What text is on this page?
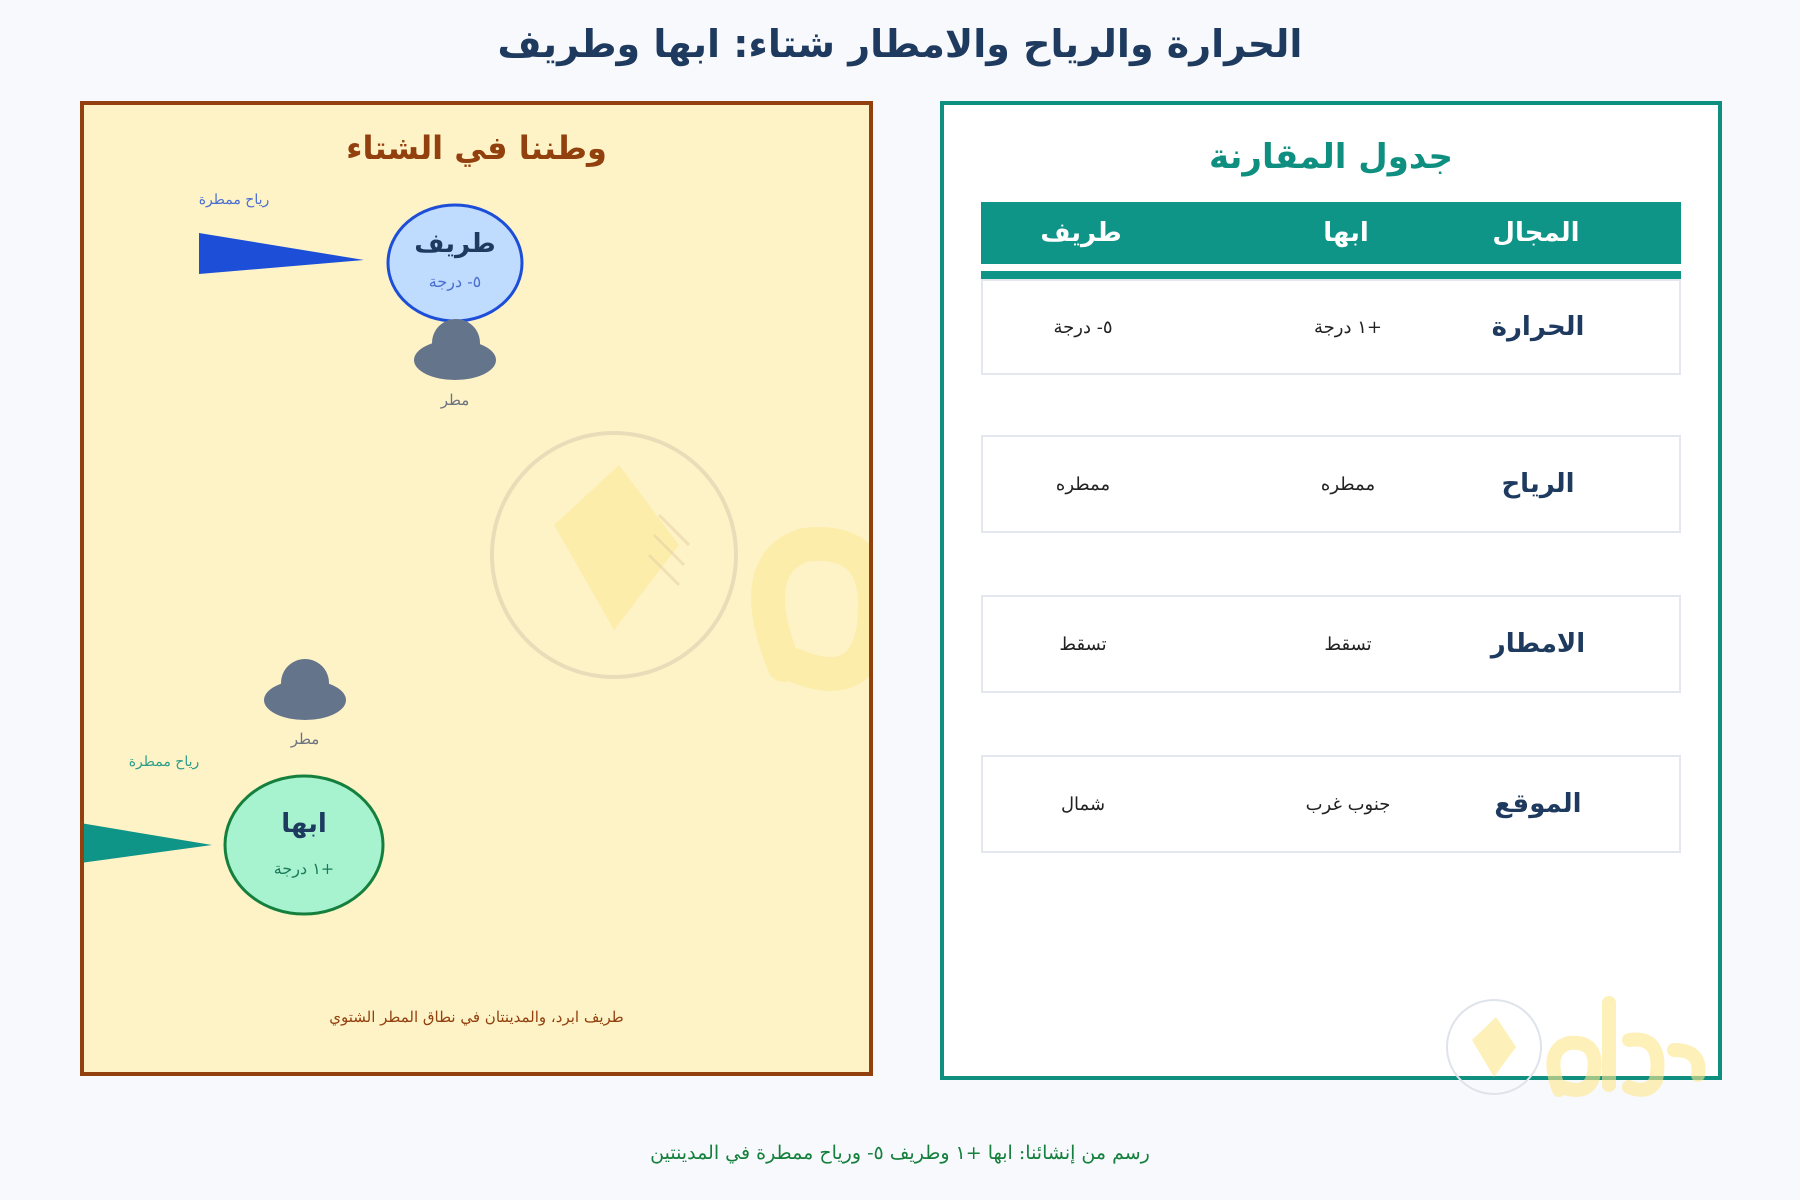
الحرارة والرياح والامطار شتاء: ابها وطريف
وطننا في الشتاء
رياح ممطرة
طريف
٥- درجة
مطر
مطر
رياح ممطرة
ابها
+١ درجة
طريف ابرد، والمدينتان في نطاق المطر الشتوي
جدول المقارنة
المجال
ابها
طريف
الحرارة
+١ درجة
٥- درجة
الرياح
ممطره
ممطره
الامطار
تسقط
تسقط
الموقع
جنوب غرب
شمال
رسم من إنشائنا: ابها +١ وطريف ٥- ورياح ممطرة في المدينتين
